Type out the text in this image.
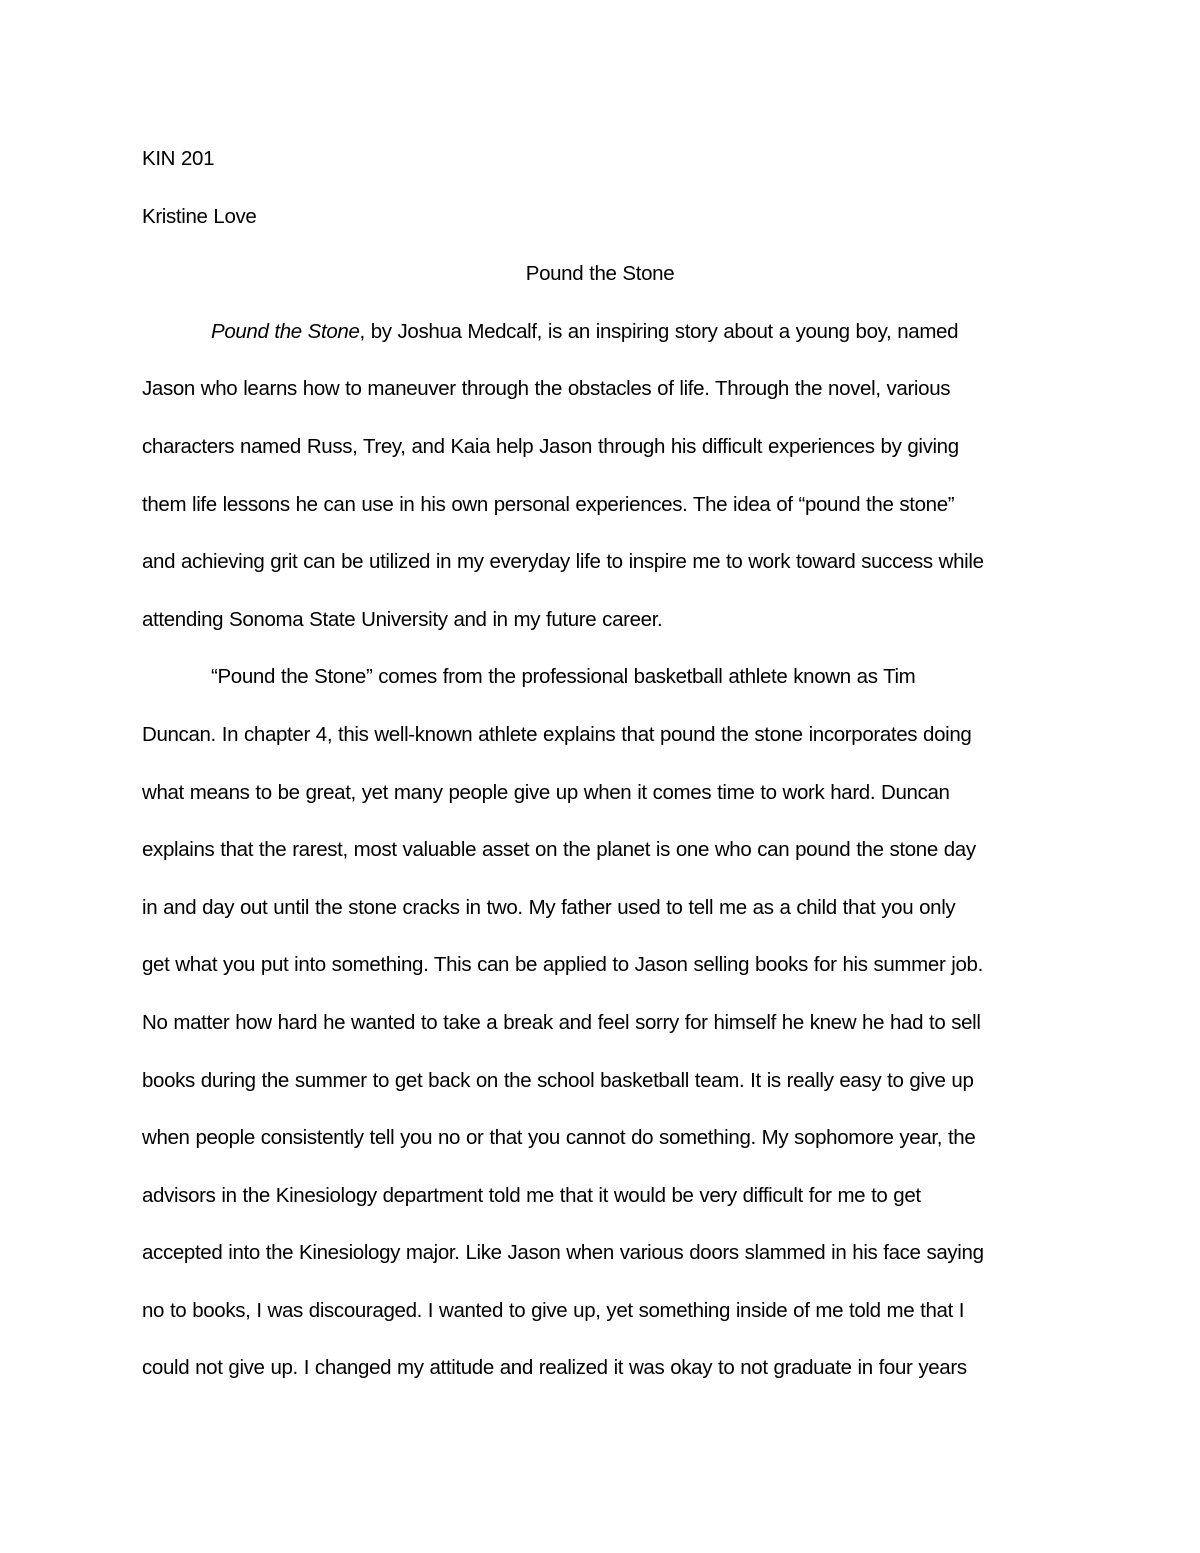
KIN 201
Kristine Love
Pound the Stone
Pound the Stone, by Joshua Medcalf, is an inspiring story about a young boy, named
Jason who learns how to maneuver through the obstacles of life. Through the novel, various
characters named Russ, Trey, and Kaia help Jason through his difficult experiences by giving
them life lessons he can use in his own personal experiences. The idea of “pound the stone”
and achieving grit can be utilized in my everyday life to inspire me to work toward success while
attending Sonoma State University and in my future career.
“Pound the Stone” comes from the professional basketball athlete known as Tim
Duncan. In chapter 4, this well-known athlete explains that pound the stone incorporates doing
what means to be great, yet many people give up when it comes time to work hard. Duncan
explains that the rarest, most valuable asset on the planet is one who can pound the stone day
in and day out until the stone cracks in two. My father used to tell me as a child that you only
get what you put into something. This can be applied to Jason selling books for his summer job.
No matter how hard he wanted to take a break and feel sorry for himself he knew he had to sell
books during the summer to get back on the school basketball team. It is really easy to give up
when people consistently tell you no or that you cannot do something. My sophomore year, the
advisors in the Kinesiology department told me that it would be very difficult for me to get
accepted into the Kinesiology major. Like Jason when various doors slammed in his face saying
no to books, I was discouraged. I wanted to give up, yet something inside of me told me that I
could not give up. I changed my attitude and realized it was okay to not graduate in four years
